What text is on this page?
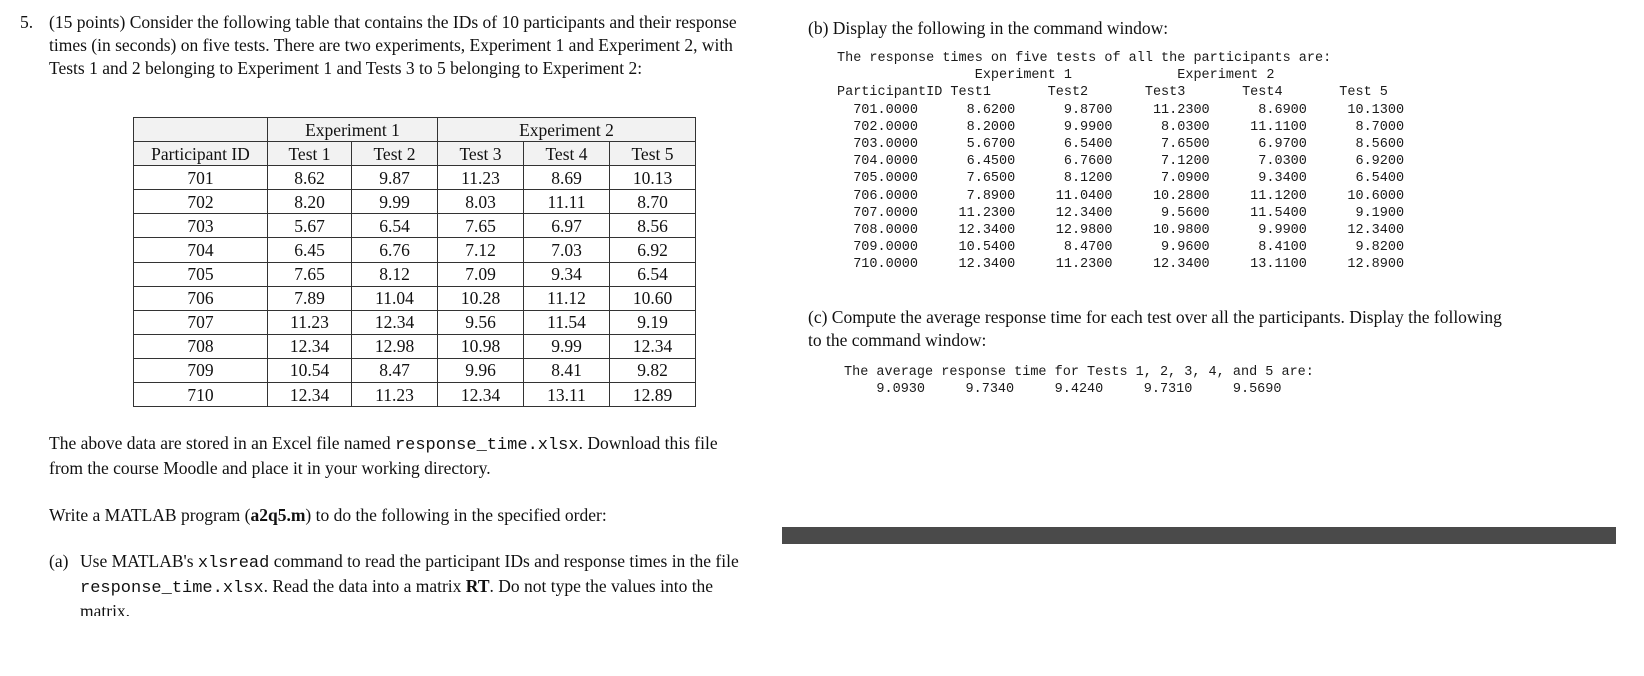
5. (15 points) Consider the following table that contains the IDs of 10 participants and their response
times (in seconds) on five tests. There are two experiments, Experiment 1 and Experiment 2, with
Tests 1 and 2 belonging to Experiment 1 and Tests 3 to 5 belonging to Experiment 2:
	Experiment 1		Experiment 2		
Participant ID	Test 1	Test 2	Test 3	Test 4	Test 5
701	8.62	9.87	11.23	8.69	10.13
702	8.20	9.99	8.03	11.11	8.70
703	5.67	6.54	7.65	6.97	8.56
704	6.45	6.76	7.12	7.03	6.92
705	7.65	8.12	7.09	9.34	6.54
706	7.89	11.04	10.28	11.12	10.60
707	11.23	12.34	9.56	11.54	9.19
708	12.34	12.98	10.98	9.99	12.34
709	10.54	8.47	9.96	8.41	9.82
710	12.34	11.23	12.34	13.11	12.89
The above data are stored in an Excel file named response_time.xlsx. Download this file
from the course Moodle and place it in your working directory.
Write a MATLAB program (a2q5.m) to do the following in the specified order:
(a) Use MATLAB's xlsread command to read the participant IDs and response times in the file
response_time.xlsx. Read the data into a matrix RT. Do not type the values into the
matrix.
(b) Display the following in the command window:
The response times on five tests of all the participants are:
Experiment 1             Experiment 2
ParticipantID Test1       Test2       Test3       Test4       Test 5
701.0000      8.6200      9.8700     11.2300      8.6900     10.1300
702.0000      8.2000      9.9900      8.0300     11.1100      8.7000
703.0000      5.6700      6.5400      7.6500      6.9700      8.5600
704.0000      6.4500      6.7600      7.1200      7.0300      6.9200
705.0000      7.6500      8.1200      7.0900      9.3400      6.5400
706.0000      7.8900     11.0400     10.2800     11.1200     10.6000
707.0000     11.2300     12.3400      9.5600     11.5400      9.1900
708.0000     12.3400     12.9800     10.9800      9.9900     12.3400
709.0000     10.5400      8.4700      9.9600      8.4100      9.8200
710.0000     12.3400     11.2300     12.3400     13.1100     12.8900
(c) Compute the average response time for each test over all the participants. Display the following
to the command window:
The average response time for Tests 1, 2, 3, 4, and 5 are:
9.0930     9.7340     9.4240     9.7310     9.5690
